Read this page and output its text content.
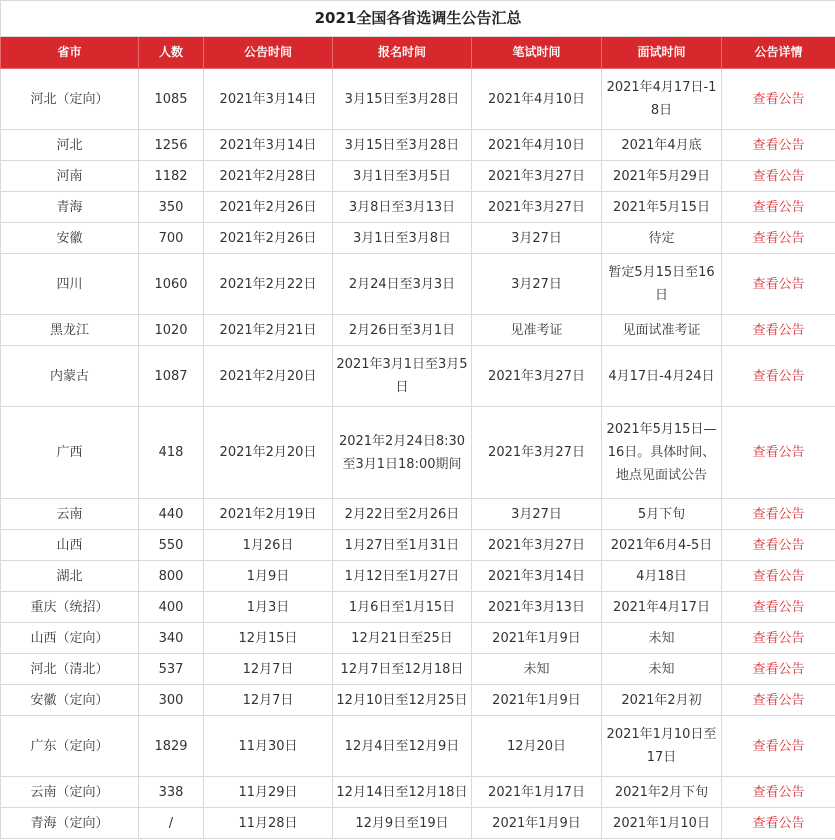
2021全国各省选调生公告汇总						
省市	人数	公告时间	报名时间	笔试时间	面试时间	公告详情
河北（定向）	1085	2021年3月14日	3月15日至3月28日	2021年4月10日	2021年4月17日-18日	查看公告
河北	1256	2021年3月14日	3月15日至3月28日	2021年4月10日	2021年4月底	查看公告
河南	1182	2021年2月28日	3月1日至3月5日	2021年3月27日	2021年5月29日	查看公告
青海	350	2021年2月26日	3月8日至3月13日	2021年3月27日	2021年5月15日	查看公告
安徽	700	2021年2月26日	3月1日至3月8日	3月27日	待定	查看公告
四川	1060	2021年2月22日	2月24日至3月3日	3月27日	暂定5月15日至16日	查看公告
黑龙江	1020	2021年2月21日	2月26日至3月1日	见准考证	见面试准考证	查看公告
内蒙古	1087	2021年2月20日	2021年3月1日至3月5日	2021年3月27日	4月17日-4月24日	查看公告
广西	418	2021年2月20日	2021年2月24日8:30至3月1日18:00期间	2021年3月27日	2021年5月15日—16日。具体时间、地点见面试公告	查看公告
云南	440	2021年2月19日	2月22日至2月26日	3月27日	5月下旬	查看公告
山西	550	1月26日	1月27日至1月31日	2021年3月27日	2021年6月4-5日	查看公告
湖北	800	1月9日	1月12日至1月27日	2021年3月14日	4月18日	查看公告
重庆（统招）	400	1月3日	1月6日至1月15日	2021年3月13日	2021年4月17日	查看公告
山西（定向）	340	12月15日	12月21日至25日	2021年1月9日	未知	查看公告
河北（清北）	537	12月7日	12月7日至12月18日	未知	未知	查看公告
安徽（定向）	300	12月7日	12月10日至12月25日	2021年1月9日	2021年2月初	查看公告
广东（定向）	1829	11月30日	12月4日至12月9日	12月20日	2021年1月10日至17日	查看公告
云南（定向）	338	11月29日	12月14日至12月18日	2021年1月17日	2021年2月下旬	查看公告
青海（定向）	/	11月28日	12月9日至19日	2021年1月9日	2021年1月10日	查看公告
